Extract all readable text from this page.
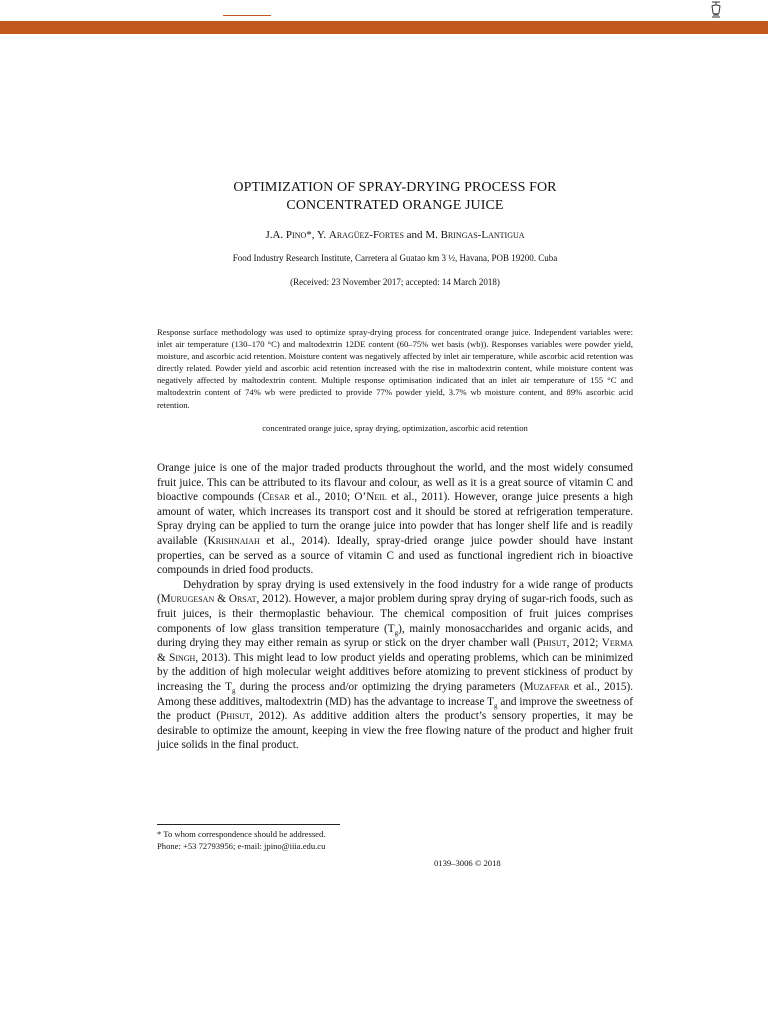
OPTIMIZATION OF SPRAY-DRYING PROCESS FOR
CONCENTRATED ORANGE JUICE
J.A. Pino*, Y. Aragüez-Fortes and M. Bringas-Lantigua
Food Industry Research Institute, Carretera al Guatao km 3 ½, Havana, POB 19200. Cuba
(Received: 23 November 2017; accepted: 14 March 2018)
Response surface methodology was used to optimize spray-drying process for concentrated orange juice. Independent variables were: inlet air temperature (130–170 °C) and maltodextrin 12DE content (60–75% wet basis (wb)). Responses variables were powder yield, moisture, and ascorbic acid retention. Moisture content was negatively affected by inlet air temperature, while ascorbic acid retention was directly related. Powder yield and ascorbic acid retention increased with the rise in maltodextrin content, while moisture content was negatively affected by maltodextrin content. Multiple response optimisation indicated that an inlet air temperature of 155 °C and maltodextrin content of 74% wb were predicted to provide 77% powder yield, 3.7% wb moisture content, and 89% ascorbic acid retention.
concentrated orange juice, spray drying, optimization, ascorbic acid retention

Orange juice is one of the major traded products throughout the world, and the most widely consumed fruit juice. This can be attributed to its flavour and colour, as well as it is a great source of vitamin C and bioactive compounds (Cesar et al., 2010; O’Neil et al., 2011). However, orange juice presents a high amount of water, which increases its transport cost and it should be stored at refrigeration temperature. Spray drying can be applied to turn the orange juice into powder that has longer shelf life and is readily available (Krishnaiah et al., 2014). Ideally, spray-dried orange juice powder should have instant properties, can be served as a source of vitamin C and used as functional ingredient rich in bioactive compounds in dried food products.

Dehydration by spray drying is used extensively in the food industry for a wide range of products (Murugesan & Orsat, 2012). However, a major problem during spray drying of sugar-rich foods, such as fruit juices, is their thermoplastic behaviour. The chemical composition of fruit juices comprises components of low glass transition temperature $(T_g)$, mainly monosaccharides and organic acids, and during drying they may either remain as syrup or stick on the dryer chamber wall (Phisut, 2012; Verma & Singh, 2013). This might lead to low product yields and operating problems, which can be minimized by the addition of high molecular weight additives before atomizing to prevent stickiness of product by increasing the $T_g$ during the process and/or optimizing the drying parameters (Muzaffar et al., 2015). Among these additives, maltodextrin (MD) has the advantage to increase $T_g$ and improve the sweetness of the product (Phisut, 2012). As additive addition alters the product’s sensory properties, it may be desirable to optimize the amount, keeping in view the free flowing nature of the product and higher fruit juice solids in the final product.

* To whom correspondence should be addressed.
Phone: +53 72793956; e-mail: jpino@iiia.edu.cu
0139–3006 © 2018
